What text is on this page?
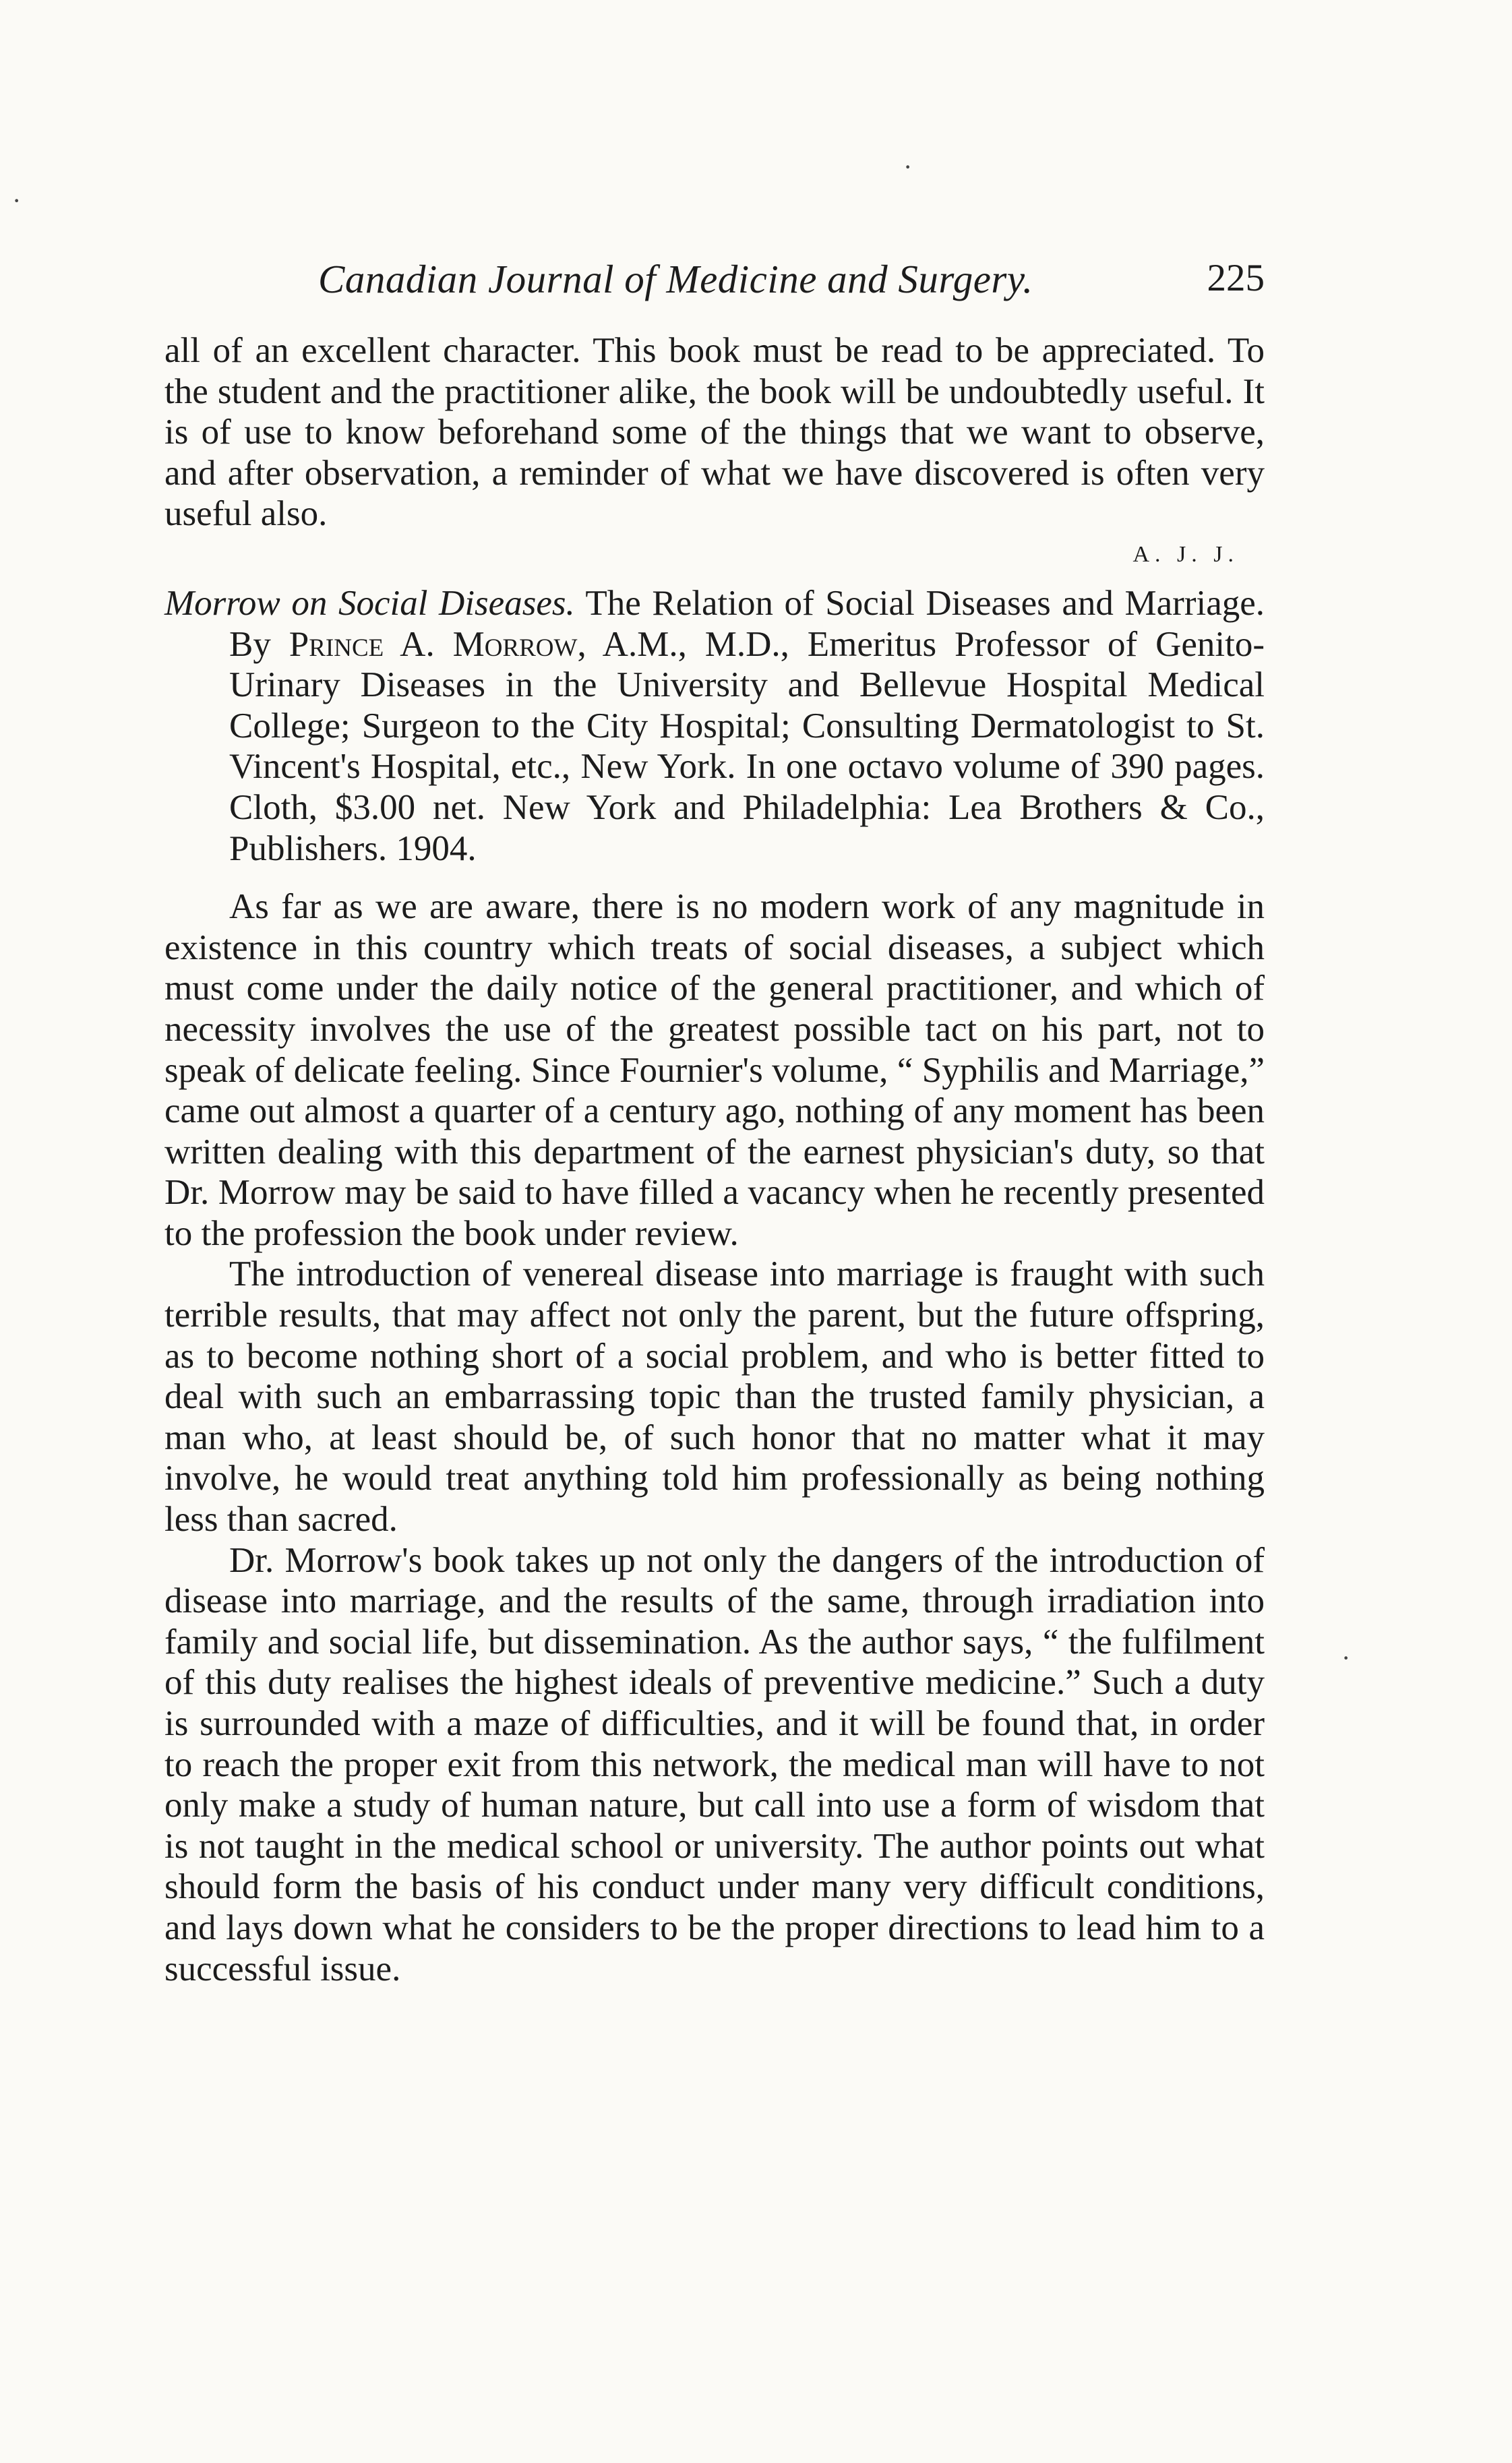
Canadian Journal of Medicine and Surgery.	225

all of an excellent character. This book must be read to be appreciated. To the student and the practitioner alike, the book will be undoubtedly useful. It is of use to know beforehand some of the things that we want to observe, and after observation, a reminder of what we have discovered is often very useful also.

A. J. J.

Morrow on Social Diseases. The Relation of Social Diseases and Marriage. By Prince A. Morrow, A.M., M.D., Emeritus Professor of Genito-Urinary Diseases in the University and Bellevue Hospital Medical College; Surgeon to the City Hospital; Consulting Dermatologist to St. Vincent's Hospital, etc., New York. In one octavo volume of 390 pages. Cloth, $3.00 net. New York and Philadelphia: Lea Brothers & Co., Publishers. 1904.

As far as we are aware, there is no modern work of any magnitude in existence in this country which treats of social diseases, a subject which must come under the daily notice of the general practitioner, and which of necessity involves the use of the greatest possible tact on his part, not to speak of delicate feeling. Since Fournier's volume, “ Syphilis and Marriage,” came out almost a quarter of a century ago, nothing of any moment has been written dealing with this department of the earnest physician's duty, so that Dr. Morrow may be said to have filled a vacancy when he recently presented to the profession the book under review.

The introduction of venereal disease into marriage is fraught with such terrible results, that may affect not only the parent, but the future offspring, as to become nothing short of a social problem, and who is better fitted to deal with such an embarrassing topic than the trusted family physician, a man who, at least should be, of such honor that no matter what it may involve, he would treat anything told him professionally as being nothing less than sacred.

Dr. Morrow's book takes up not only the dangers of the introduction of disease into marriage, and the results of the same, through irradiation into family and social life, but dissemination. As the author says, “ the fulfilment of this duty realises the highest ideals of preventive medicine.” Such a duty is surrounded with a maze of difficulties, and it will be found that, in order to reach the proper exit from this network, the medical man will have to not only make a study of human nature, but call into use a form of wisdom that is not taught in the medical school or university. The author points out what should form the basis of his conduct under many very difficult conditions, and lays down what he considers to be the proper directions to lead him to a successful issue.

·
·
·
